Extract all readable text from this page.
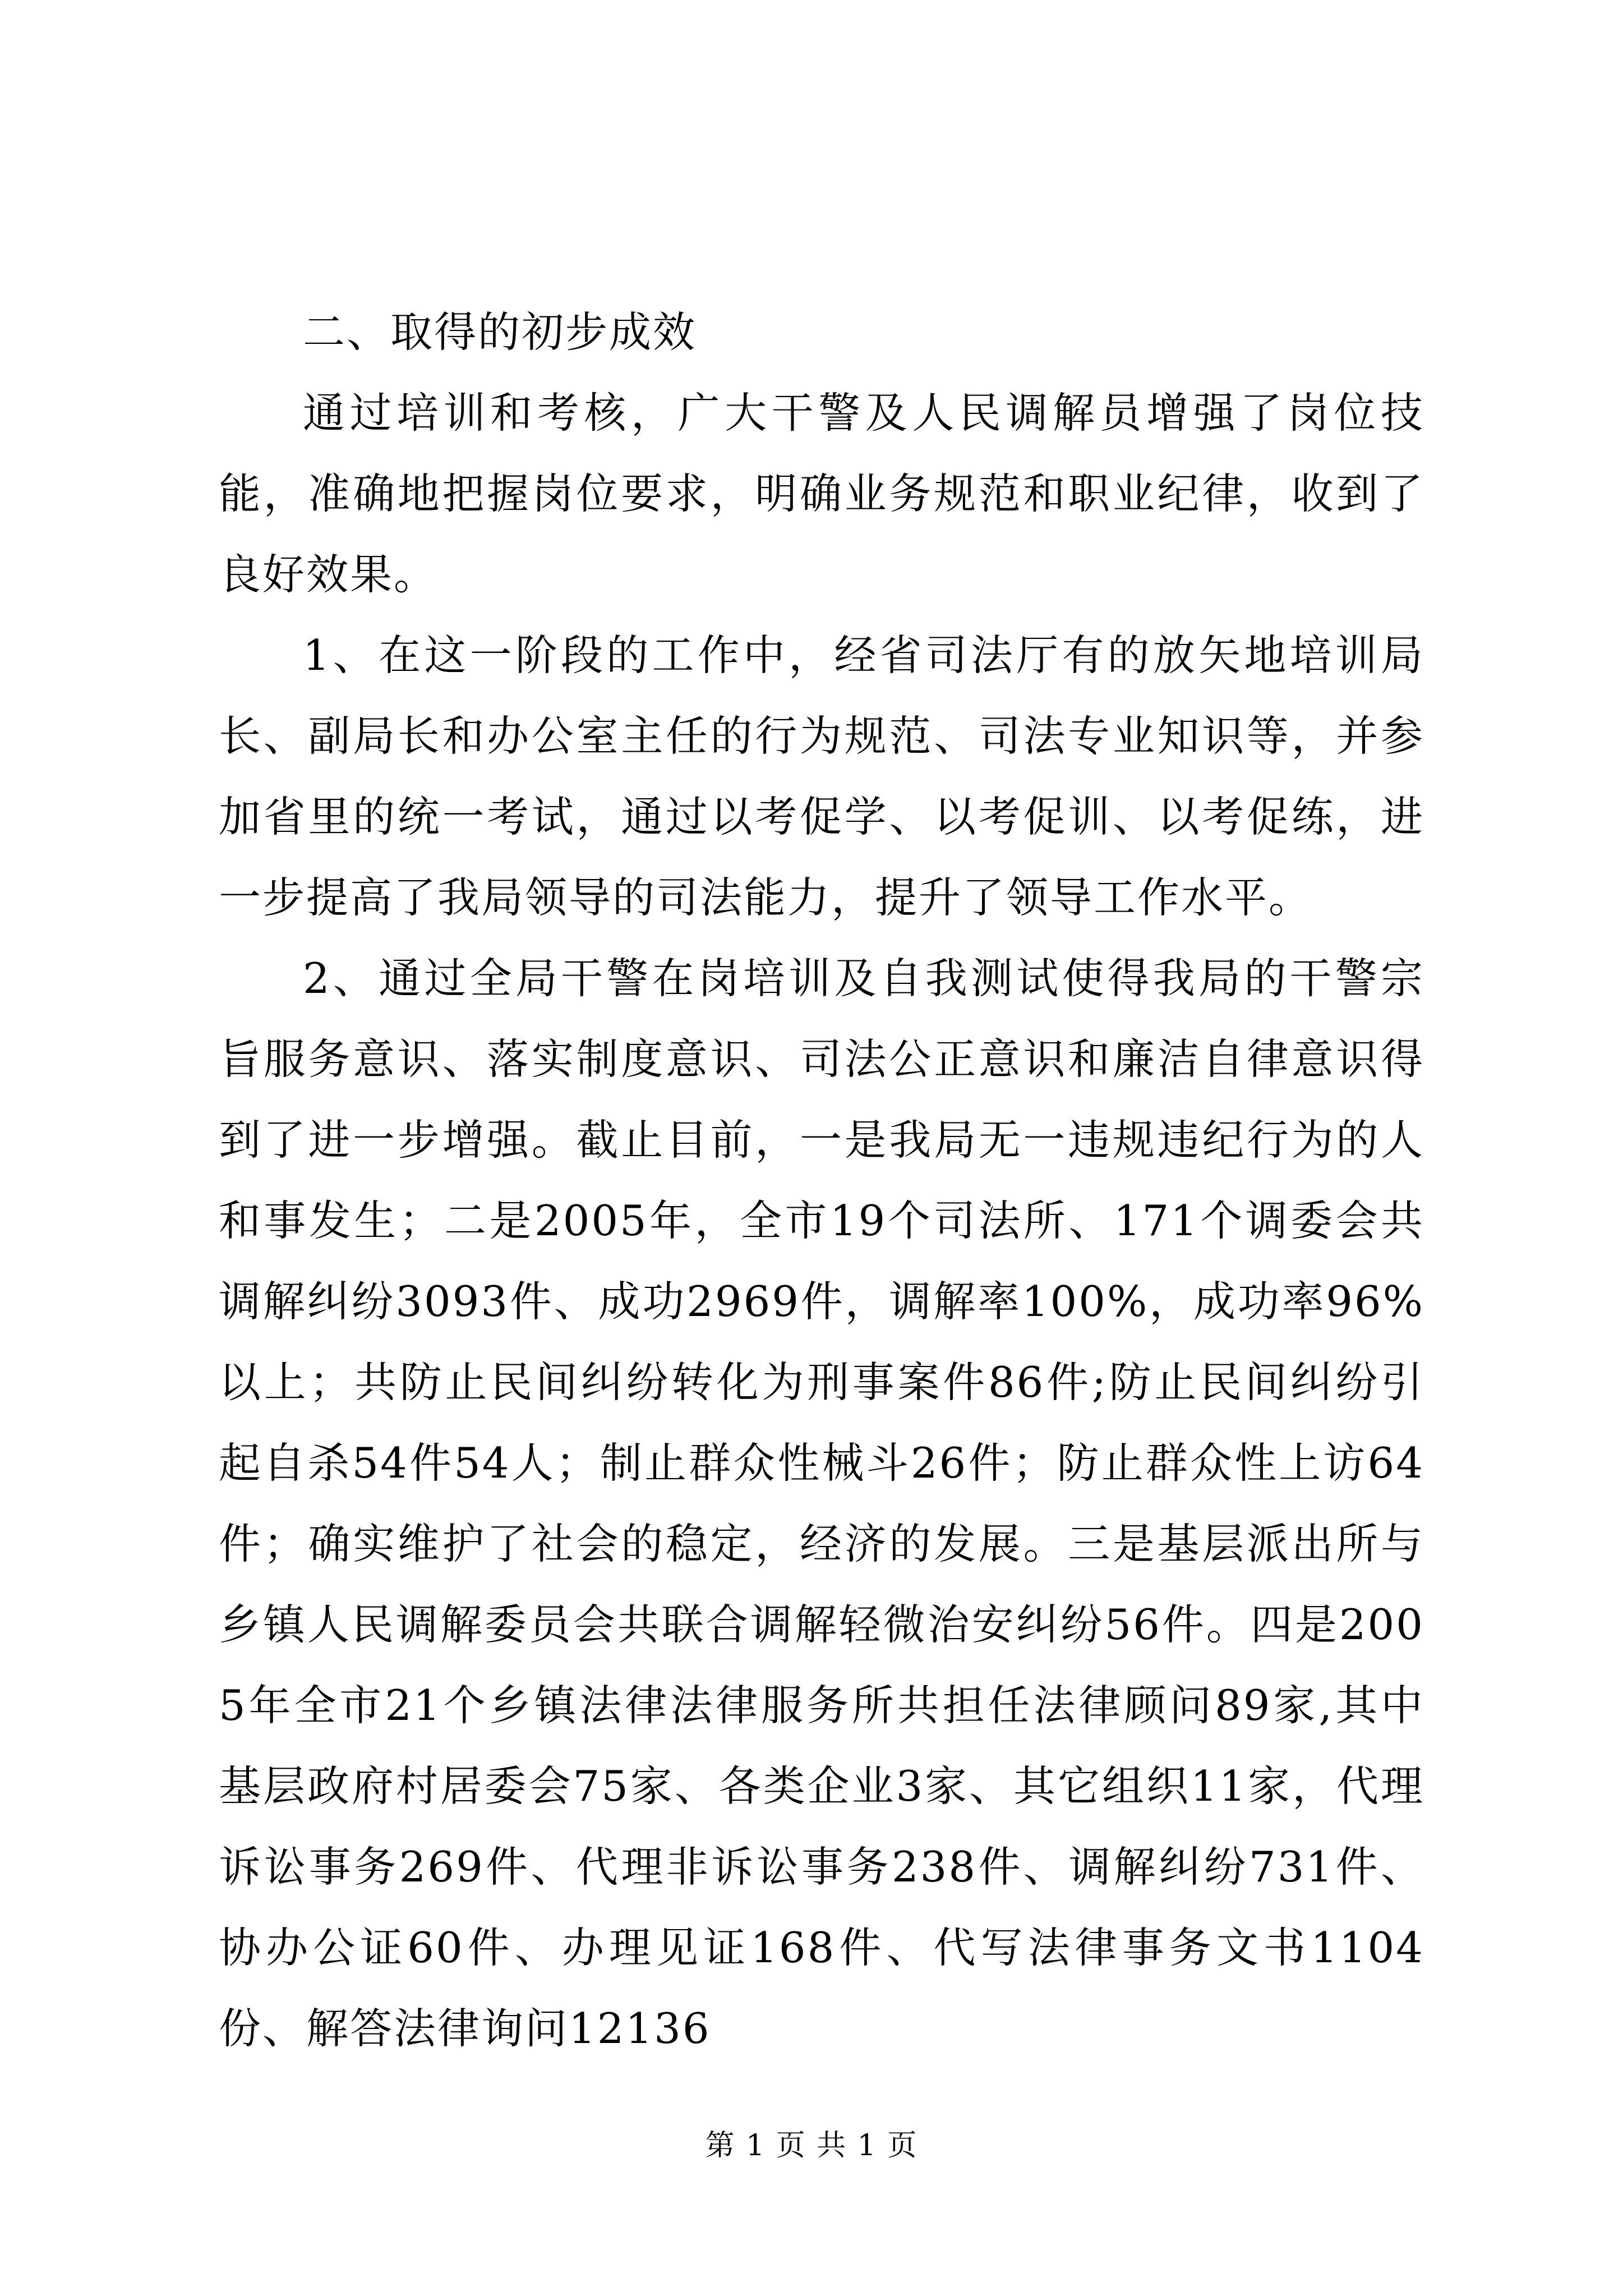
二、取得的初步成效

通过培训和考核，广大干警及人民调解员增强了岗位技能，准确地把握岗位要求，明确业务规范和职业纪律，收到了良好效果。

1、在这一阶段的工作中，经省司法厅有的放矢地培训局长、副局长和办公室主任的行为规范、司法专业知识等，并参加省里的统一考试，通过以考促学、以考促训、以考促练，进一步提高了我局领导的司法能力，提升了领导工作水平。

2、通过全局干警在岗培训及自我测试使得我局的干警宗旨服务意识、落实制度意识、司法公正意识和廉洁自律意识得到了进一步增强。截止目前，一是我局无一违规违纪行为的人和事发生；二是2005年，全市19个司法所、171个调委会共调解纠纷3093件、成功2969件，调解率100%，成功率96%以上；共防止民间纠纷转化为刑事案件86件;防止民间纠纷引起自杀54件54人；制止群众性械斗26件；防止群众性上访64件；确实维护了社会的稳定，经济的发展。三是基层派出所与乡镇人民调解委员会共联合调解轻微治安纠纷56件。四是2005年全市21个乡镇法律法律服务所共担任法律顾问89家,其中基层政府村居委会75家、各类企业3家、其它组织11家，代理诉讼事务269件、代理非诉讼事务238件、调解纠纷731件、协办公证60件、办理见证168件、代写法律事务文书1104份、解答法律询问12136

第 1 页 共 1 页
